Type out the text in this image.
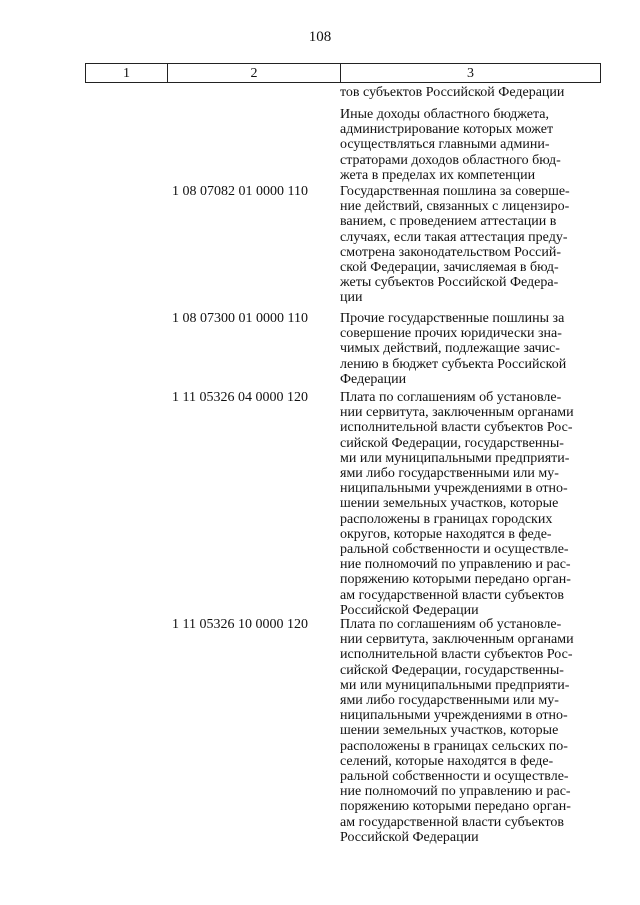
108
1	2	3
тов субъектов Российской Федерации
Иные доходы областного бюджета,
администрирование которых может
осуществляться главными админи-
страторами доходов областного бюд-
жета в пределах их компетенции
1 08 07082 01 0000 110	Государственная пошлина за соверше-
ние действий, связанных с лицензиро-
ванием, с проведением аттестации в
случаях, если такая аттестация преду-
смотрена законодательством Россий-
ской Федерации, зачисляемая в бюд-
жеты субъектов Российской Федера-
ции
1 08 07300 01 0000 110	Прочие государственные пошлины за
совершение прочих юридически зна-
чимых действий, подлежащие зачис-
лению в бюджет субъекта Российской
Федерации
1 11 05326 04 0000 120	Плата по соглашениям об установле-
нии сервитута, заключенным органами
исполнительной власти субъектов Рос-
сийской Федерации, государственны-
ми или муниципальными предприяти-
ями либо государственными или му-
ниципальными учреждениями в отно-
шении земельных участков, которые
расположены в границах городских
округов, которые находятся в феде-
ральной собственности и осуществле-
ние полномочий по управлению и рас-
поряжению которыми передано орган-
ам государственной власти субъектов
Российской Федерации
1 11 05326 10 0000 120	Плата по соглашениям об установле-
нии сервитута, заключенным органами
исполнительной власти субъектов Рос-
сийской Федерации, государственны-
ми или муниципальными предприяти-
ями либо государственными или му-
ниципальными учреждениями в отно-
шении земельных участков, которые
расположены в границах сельских по-
селений, которые находятся в феде-
ральной собственности и осуществле-
ние полномочий по управлению и рас-
поряжению которыми передано орган-
ам государственной власти субъектов
Российской Федерации
